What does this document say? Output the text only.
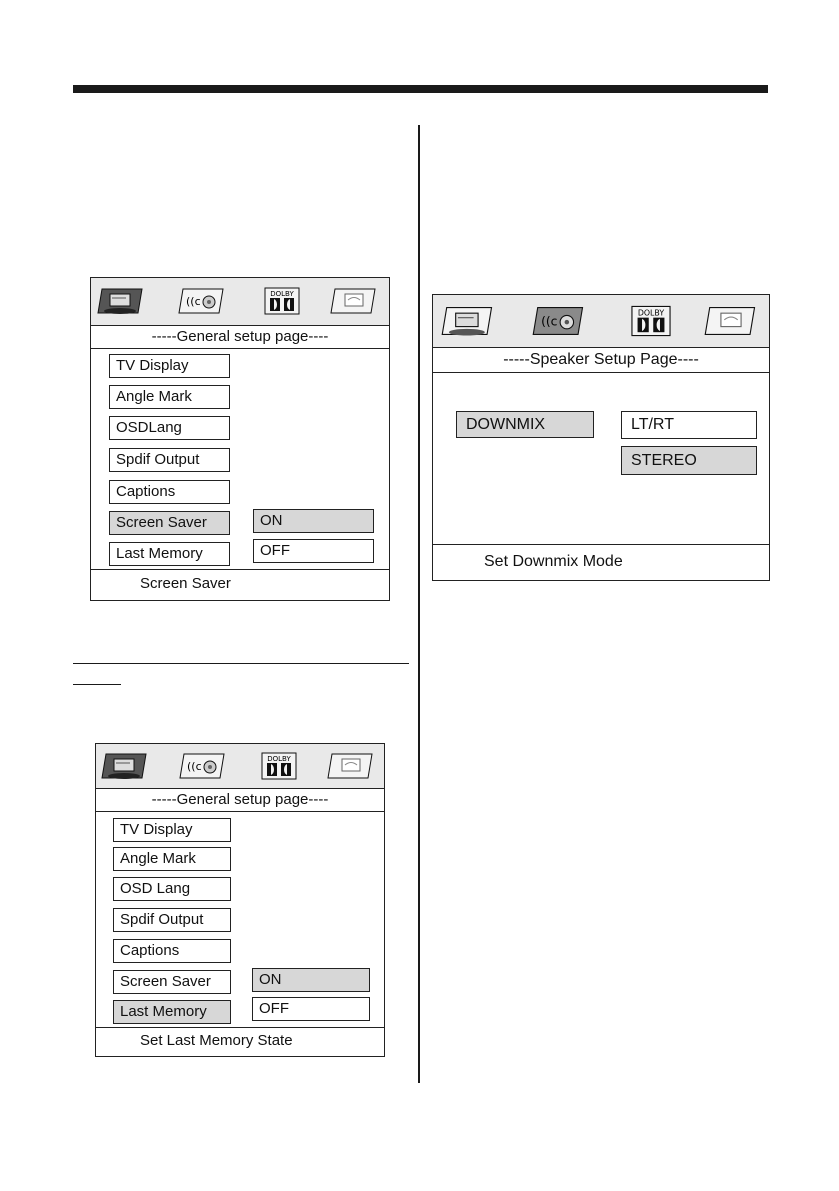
((c
DOLBY
-----General setup page----
TV Display
Angle Mark
OSDLang
Spdif Output
Captions
Screen Saver
Last Memory
ON
OFF
Screen Saver
((c
DOLBY
-----Speaker Setup Page----
DOWNMIX	LT/RT
STEREO
Set Downmix Mode
((c
DOLBY
-----General setup page----
TV Display
Angle Mark
OSD Lang
Spdif Output
Captions
Screen Saver
Last Memory
ON
OFF
Set Last Memory State
